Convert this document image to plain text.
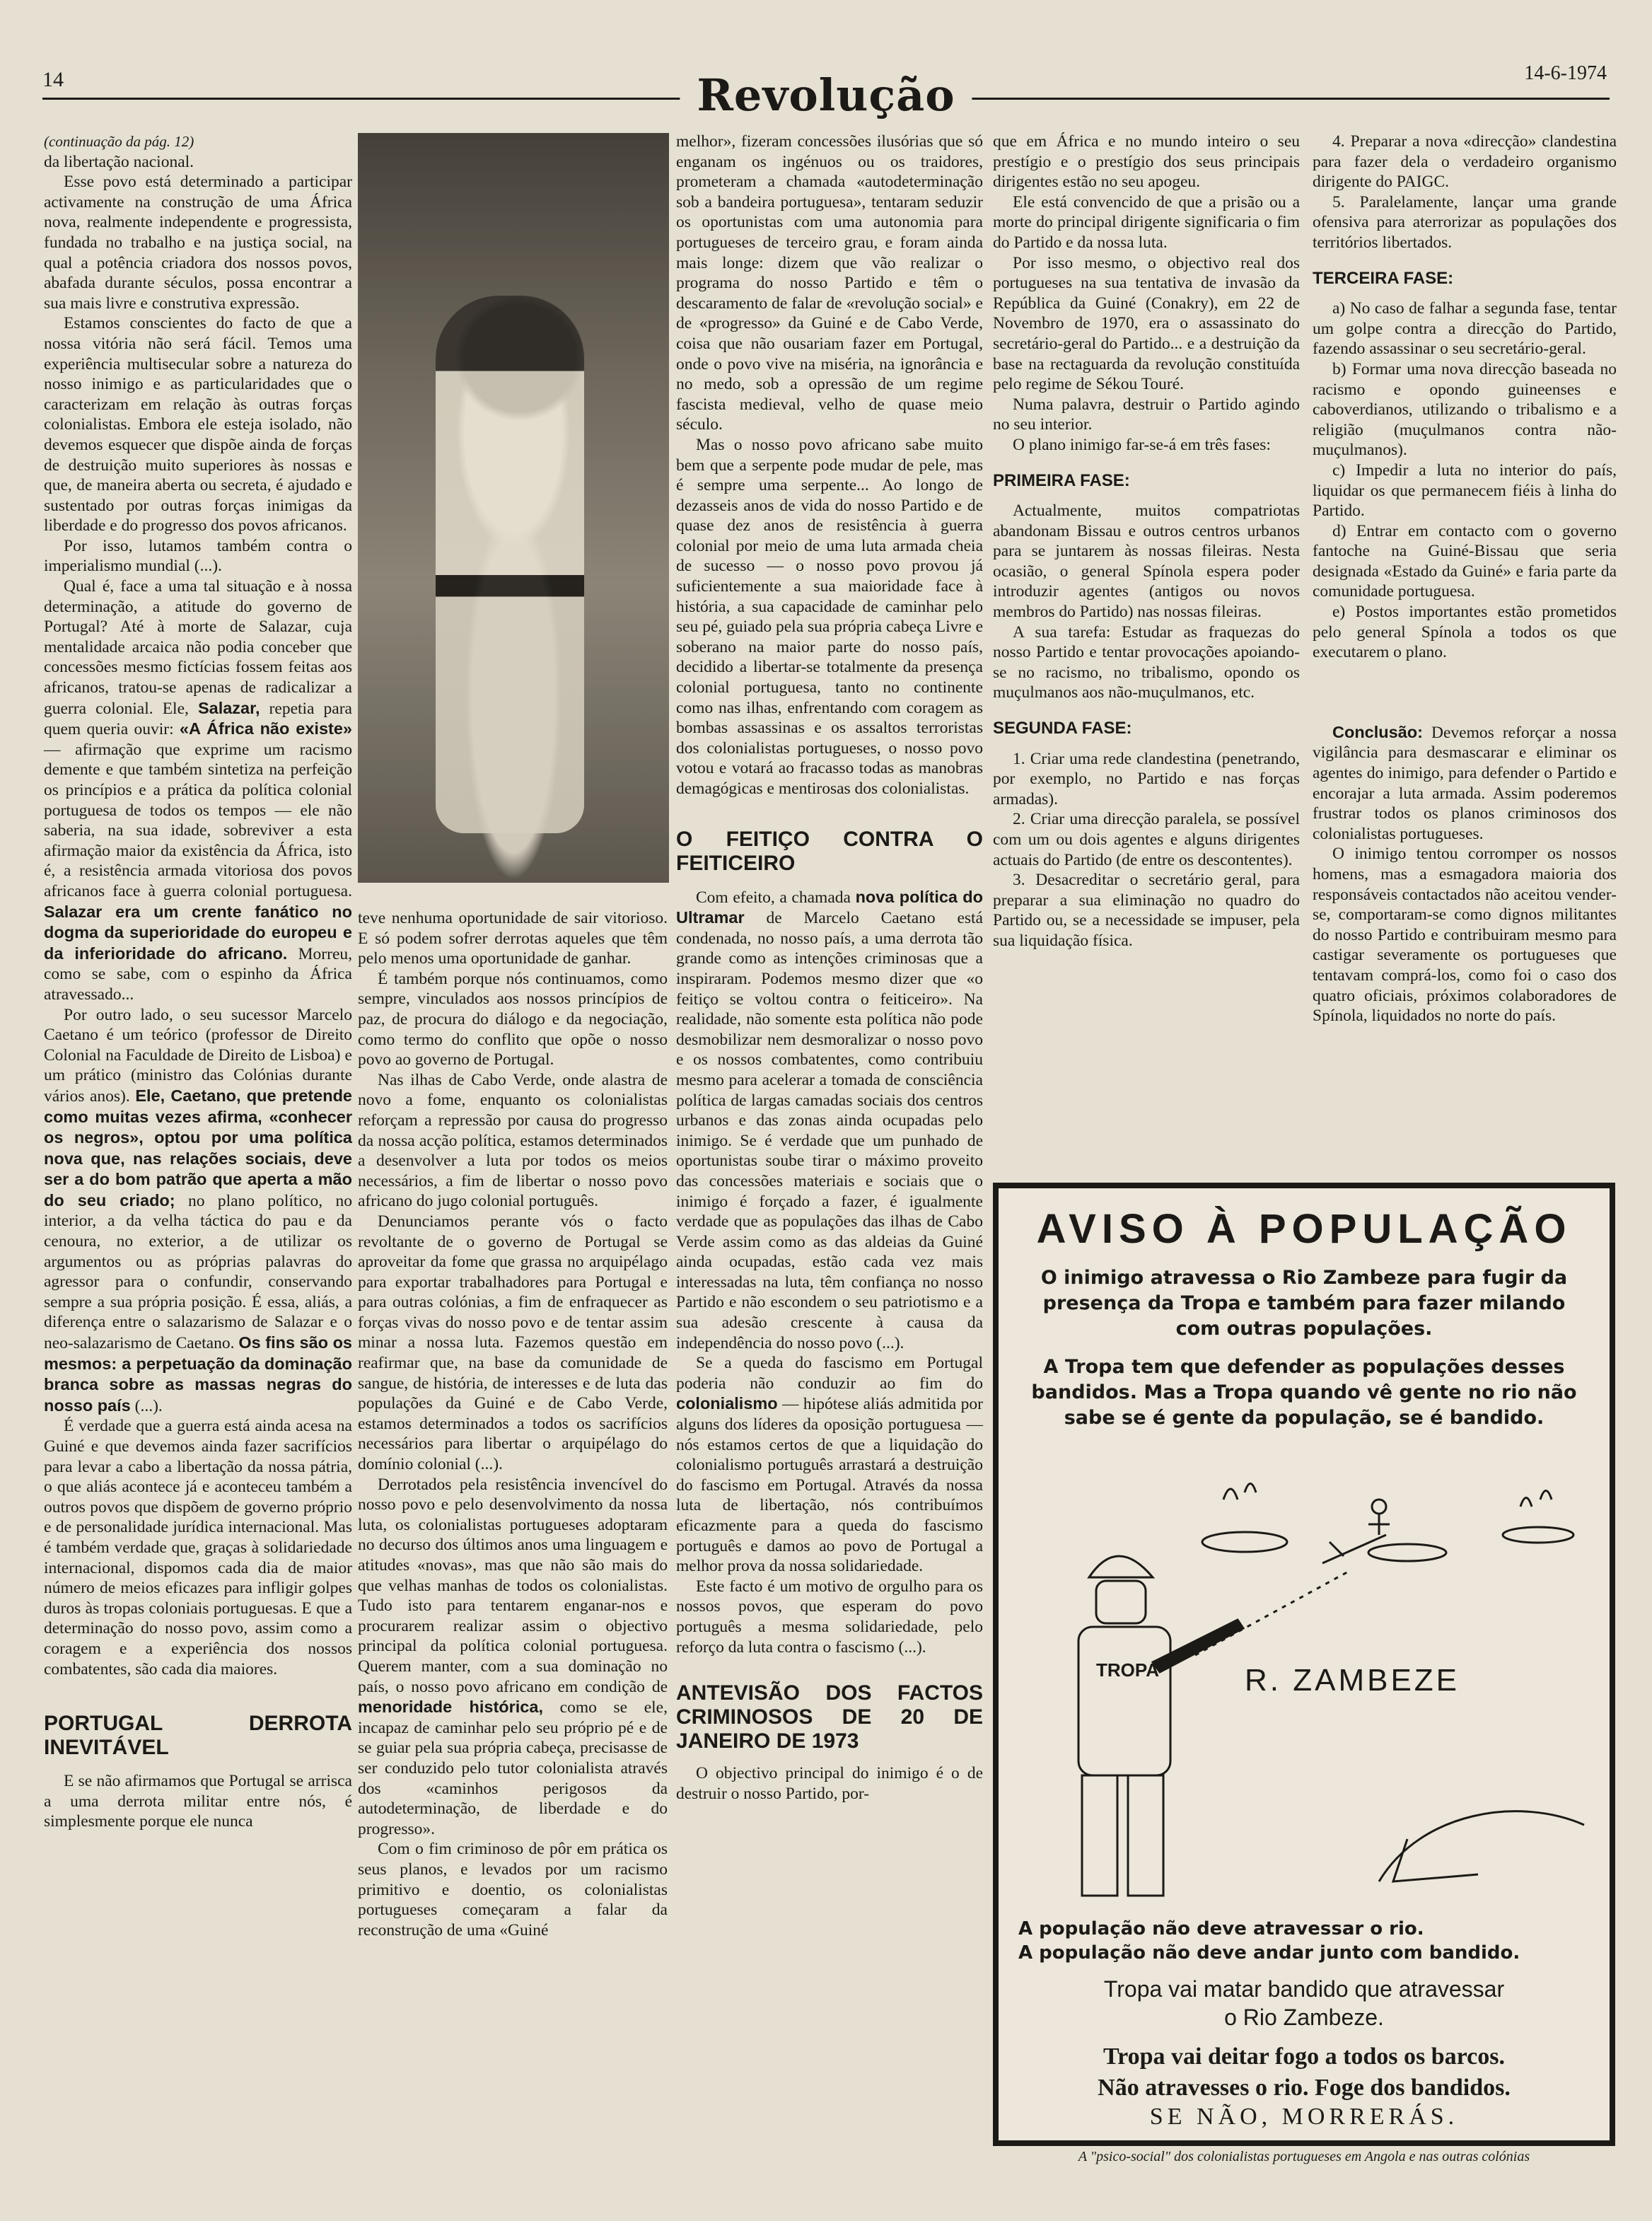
14	Revolução	14-6-1974

(continuação da pág. 12)

da libertação nacional.

Esse povo está determinado a participar activamente na construção de uma África nova, realmente independente e progressista, fundada no trabalho e na justiça social, na qual a potência criadora dos nossos povos, abafada durante séculos, possa encontrar a sua mais livre e construtiva expressão.

Estamos conscientes do facto de que a nossa vitória não será fácil. Temos uma experiência multisecular sobre a natureza do nosso inimigo e as particularidades que o caracterizam em relação às outras forças colonialistas. Embora ele esteja isolado, não devemos esquecer que dispõe ainda de forças de destruição muito superiores às nossas e que, de maneira aberta ou secreta, é ajudado e sustentado por outras forças inimigas da liberdade e do progresso dos povos africanos.

Por isso, lutamos também contra o imperialismo mundial (...).

Qual é, face a uma tal situação e à nossa determinação, a atitude do governo de Portugal? Até à morte de Salazar, cuja mentalidade arcaica não podia conceber que concessões mesmo fictícias fossem feitas aos africanos, tratou-se apenas de radicalizar a guerra colonial. Ele, Salazar, repetia para quem queria ouvir: «A África não existe» — afirmação que exprime um racismo demente e que também sintetiza na perfeição os princípios e a prática da política colonial portuguesa de todos os tempos — ele não saberia, na sua idade, sobreviver a esta afirmação maior da existência da África, isto é, a resistência armada vitoriosa dos povos africanos face à guerra colonial portuguesa. Salazar era um crente fanático no dogma da superioridade do europeu e da inferioridade do africano. Morreu, como se sabe, com o espinho da África atravessado...

Por outro lado, o seu sucessor Marcelo Caetano é um teórico (professor de Direito Colonial na Faculdade de Direito de Lisboa) e um prático (ministro das Colónias durante vários anos). Ele, Caetano, que pretende como muitas vezes afirma, «conhecer os negros», optou por uma política nova que, nas relações sociais, deve ser a do bom patrão que aperta a mão do seu criado; no plano político, no interior, a da velha táctica do pau e da cenoura, no exterior, a de utilizar os argumentos ou as próprias palavras do agressor para o confundir, conservando sempre a sua própria posição. É essa, aliás, a diferença entre o salazarismo de Salazar e o neo-salazarismo de Caetano. Os fins são os mesmos: a perpetuação da dominação branca sobre as massas negras do nosso país (...).

É verdade que a guerra está ainda acesa na Guiné e que devemos ainda fazer sacrifícios para levar a cabo a libertação da nossa pátria, o que aliás acontece já e aconteceu também a outros povos que dispõem de governo próprio e de personalidade jurídica internacional. Mas é também verdade que, graças à solidariedade internacional, dispomos cada dia de maior número de meios eficazes para infligir golpes duros às tropas coloniais portuguesas. E que a determinação do nosso povo, assim como a coragem e a experiência dos nossos combatentes, são cada dia maiores.

PORTUGAL DERROTA INEVITÁVEL

E se não afirmamos que Portugal se arrisca a uma derrota militar entre nós, é simplesmente porque ele nunca

teve nenhuma oportunidade de sair vitorioso. E só podem sofrer derrotas aqueles que têm pelo menos uma oportunidade de ganhar.

É também porque nós continuamos, como sempre, vinculados aos nossos princípios de paz, de procura do diálogo e da negociação, como termo do conflito que opõe o nosso povo ao governo de Portugal.

Nas ilhas de Cabo Verde, onde alastra de novo a fome, enquanto os colonialistas reforçam a repressão por causa do progresso da nossa acção política, estamos determinados a desenvolver a luta por todos os meios necessários, a fim de libertar o nosso povo africano do jugo colonial português.

Denunciamos perante vós o facto revoltante de o governo de Portugal se aproveitar da fome que grassa no arquipélago para exportar trabalhadores para Portugal e para outras colónias, a fim de enfraquecer as forças vivas do nosso povo e de tentar assim minar a nossa luta. Fazemos questão em reafirmar que, na base da comunidade de sangue, de história, de interesses e de luta das populações da Guiné e de Cabo Verde, estamos determinados a todos os sacrifícios necessários para libertar o arquipélago do domínio colonial (...).

Derrotados pela resistência invencível do nosso povo e pelo desenvolvimento da nossa luta, os colonialistas portugueses adoptaram no decurso dos últimos anos uma linguagem e atitudes «novas», mas que não são mais do que velhas manhas de todos os colonialistas. Tudo isto para tentarem enganar-nos e procurarem realizar assim o objectivo principal da política colonial portuguesa. Querem manter, com a sua dominação no país, o nosso povo africano em condição de menoridade histórica, como se ele, incapaz de caminhar pelo seu próprio pé e de se guiar pela sua própria cabeça, precisasse de ser conduzido pelo tutor colonialista através dos «caminhos perigosos da autodeterminação, de liberdade e do progresso».

Com o fim criminoso de pôr em prática os seus planos, e levados por um racismo primitivo e doentio, os colonialistas portugueses começaram a falar da reconstrução de uma «Guiné

melhor», fizeram concessões ilusórias que só enganam os ingénuos ou os traidores, prometeram a chamada «autodeterminação sob a bandeira portuguesa», tentaram seduzir os oportunistas com uma autonomia para portugueses de terceiro grau, e foram ainda mais longe: dizem que vão realizar o programa do nosso Partido e têm o descaramento de falar de «revolução social» e de «progresso» da Guiné e de Cabo Verde, coisa que não ousariam fazer em Portugal, onde o povo vive na miséria, na ignorância e no medo, sob a opressão de um regime fascista medieval, velho de quase meio século.

Mas o nosso povo africano sabe muito bem que a serpente pode mudar de pele, mas é sempre uma serpente... Ao longo de dezasseis anos de vida do nosso Partido e de quase dez anos de resistência à guerra colonial por meio de uma luta armada cheia de sucesso — o nosso povo provou já suficientemente a sua maioridade face à história, a sua capacidade de caminhar pelo seu pé, guiado pela sua própria cabeça Livre e soberano na maior parte do nosso país, decidido a libertar-se totalmente da presença colonial portuguesa, tanto no continente como nas ilhas, enfrentando com coragem as bombas assassinas e os assaltos terroristas dos colonialistas portugueses, o nosso povo votou e votará ao fracasso todas as manobras demagógicas e mentirosas dos colonialistas.

O FEITIÇO CONTRA O FEITICEIRO

Com efeito, a chamada nova política do Ultramar de Marcelo Caetano está condenada, no nosso país, a uma derrota tão grande como as intenções criminosas que a inspiraram. Podemos mesmo dizer que «o feitiço se voltou contra o feiticeiro». Na realidade, não somente esta política não pode desmobilizar nem desmoralizar o nosso povo e os nossos combatentes, como contribuiu mesmo para acelerar a tomada de consciência política de largas camadas sociais dos centros urbanos e das zonas ainda ocupadas pelo inimigo. Se é verdade que um punhado de oportunistas soube tirar o máximo proveito das concessões materiais e sociais que o inimigo é forçado a fazer, é igualmente verdade que as populações das ilhas de Cabo Verde assim como as das aldeias da Guiné ainda ocupadas, estão cada vez mais interessadas na luta, têm confiança no nosso Partido e não escondem o seu patriotismo e a sua adesão crescente à causa da independência do nosso povo (...).

Se a queda do fascismo em Portugal poderia não conduzir ao fim do colonialismo — hipótese aliás admitida por alguns dos líderes da oposição portuguesa — nós estamos certos de que a liquidação do colonialismo português arrastará a destruição do fascismo em Portugal. Através da nossa luta de libertação, nós contribuímos eficazmente para a queda do fascismo português e damos ao povo de Portugal a melhor prova da nossa solidariedade.

Este facto é um motivo de orgulho para os nossos povos, que esperam do povo português a mesma solidariedade, pelo reforço da luta contra o fascismo (...).

ANTEVISÃO DOS FACTOS CRIMINOSOS DE 20 DE JANEIRO DE 1973

O objectivo principal do inimigo é o de destruir o nosso Partido, por-

que em África e no mundo inteiro o seu prestígio e o prestígio dos seus principais dirigentes estão no seu apogeu.

Ele está convencido de que a prisão ou a morte do principal dirigente significaria o fim do Partido e da nossa luta.

Por isso mesmo, o objectivo real dos portugueses na sua tentativa de invasão da República da Guiné (Conakry), em 22 de Novembro de 1970, era o assassinato do secretário-geral do Partido... e a destruição da base na rectaguarda da revolução constituída pelo regime de Sékou Touré.

Numa palavra, destruir o Partido agindo no seu interior.

O plano inimigo far-se-á em três fases:

PRIMEIRA FASE:

Actualmente, muitos compatriotas abandonam Bissau e outros centros urbanos para se juntarem às nossas fileiras. Nesta ocasião, o general Spínola espera poder introduzir agentes (antigos ou novos membros do Partido) nas nossas fileiras.

A sua tarefa: Estudar as fraquezas do nosso Partido e tentar provocações apoiando-se no racismo, no tribalismo, opondo os muçulmanos aos não-muçulmanos, etc.

SEGUNDA FASE:

1. Criar uma rede clandestina (penetrando, por exemplo, no Partido e nas forças armadas).

2. Criar uma direcção paralela, se possível com um ou dois agentes e alguns dirigentes actuais do Partido (de entre os descontentes).

3. Desacreditar o secretário geral, para preparar a sua eliminação no quadro do Partido ou, se a necessidade se impuser, pela sua liquidação física.

4. Preparar a nova «direcção» clandestina para fazer dela o verdadeiro organismo dirigente do PAIGC.

5. Paralelamente, lançar uma grande ofensiva para aterrorizar as populações dos territórios libertados.

TERCEIRA FASE:

a) No caso de falhar a segunda fase, tentar um golpe contra a direcção do Partido, fazendo assassinar o seu secretário-geral.

b) Formar uma nova direcção baseada no racismo e opondo guineenses e caboverdianos, utilizando o tribalismo e a religião (muçulmanos contra não-muçulmanos).

c) Impedir a luta no interior do país, liquidar os que permanecem fiéis à linha do Partido.

d) Entrar em contacto com o governo fantoche na Guiné-Bissau que seria designada «Estado da Guiné» e faria parte da comunidade portuguesa.

e) Postos importantes estão prometidos pelo general Spínola a todos os que executarem o plano.

Conclusão: Devemos reforçar a nossa vigilância para desmascarar e eliminar os agentes do inimigo, para defender o Partido e encorajar a luta armada. Assim poderemos frustrar todos os planos criminosos dos colonialistas portugueses.

O inimigo tentou corromper os nossos homens, mas a esmagadora maioria dos responsáveis contactados não aceitou vender-se, comportaram-se como dignos militantes do nosso Partido e contribuiram mesmo para castigar severamente os portugueses que tentavam comprá-los, como foi o caso dos quatro oficiais, próximos colaboradores de Spínola, liquidados no norte do país.

AVISO À POPULAÇÃO
O inimigo atravessa o Rio Zambeze para fugir da presença da Tropa e também para fazer milando com outras populações.
A Tropa tem que defender as populações desses bandidos. Mas a Tropa quando vê gente no rio não sabe se é gente da população, se é bandido.
TROPA	R. ZAMBEZE
A população não deve atravessar o rio.
A população não deve andar junto com bandido.
Tropa vai matar bandido que atravessar
o Rio Zambeze.
Tropa vai deitar fogo a todos os barcos.
Não atravesses o rio. Foge dos bandidos.
SE NÃO, MORRERÁS.
A "psico-social" dos colonialistas portugueses em Angola e nas outras colónias
